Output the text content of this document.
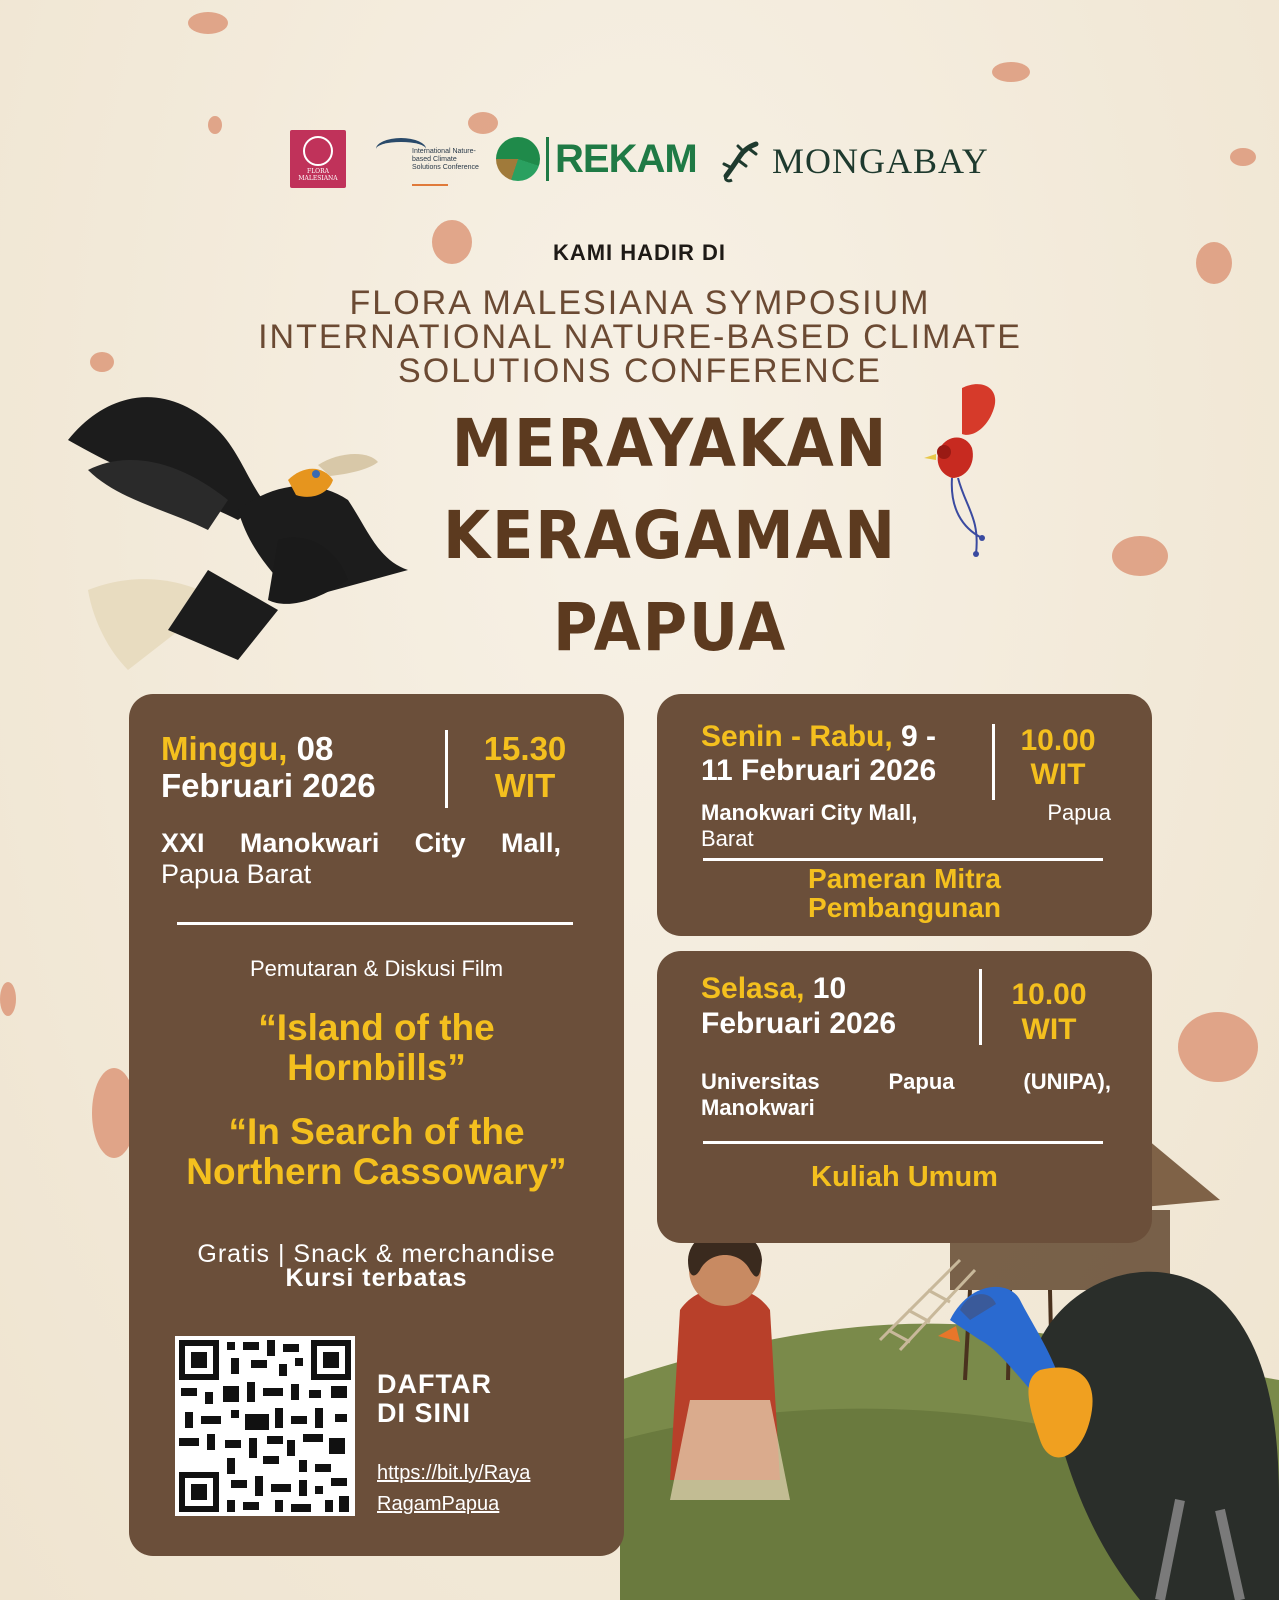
FLORA MALESIANA
International Nature-based Climate Solutions Conference REKAM MONGABAY
KAMI HADIR DI
FLORA MALESIANA SYMPOSIUM
INTERNATIONAL NATURE-BASED CLIMATE
SOLUTIONS CONFERENCE
MERAYAKAN
KERAGAMAN
PAPUA
Minggu, 08
Februari 2026
15.30
WIT
XXI Manokwari City Mall,
Papua Barat
Pemutaran & Diskusi Film
“Island of the
Hornbills”
“In Search of the
Northern Cassowary”
Gratis | Snack & merchandise
Kursi terbatas
DAFTAR
DI SINI
https://bit.ly/Raya
RagamPapua
Senin - Rabu, 9 -
11 Februari 2026
10.00
WIT
Manokwari City Mall,	Papua
Barat
Pameran Mitra
Pembangunan
Selasa, 10
Februari 2026
10.00
WIT
Universitas Papua (UNIPA),
Manokwari
Kuliah Umum
